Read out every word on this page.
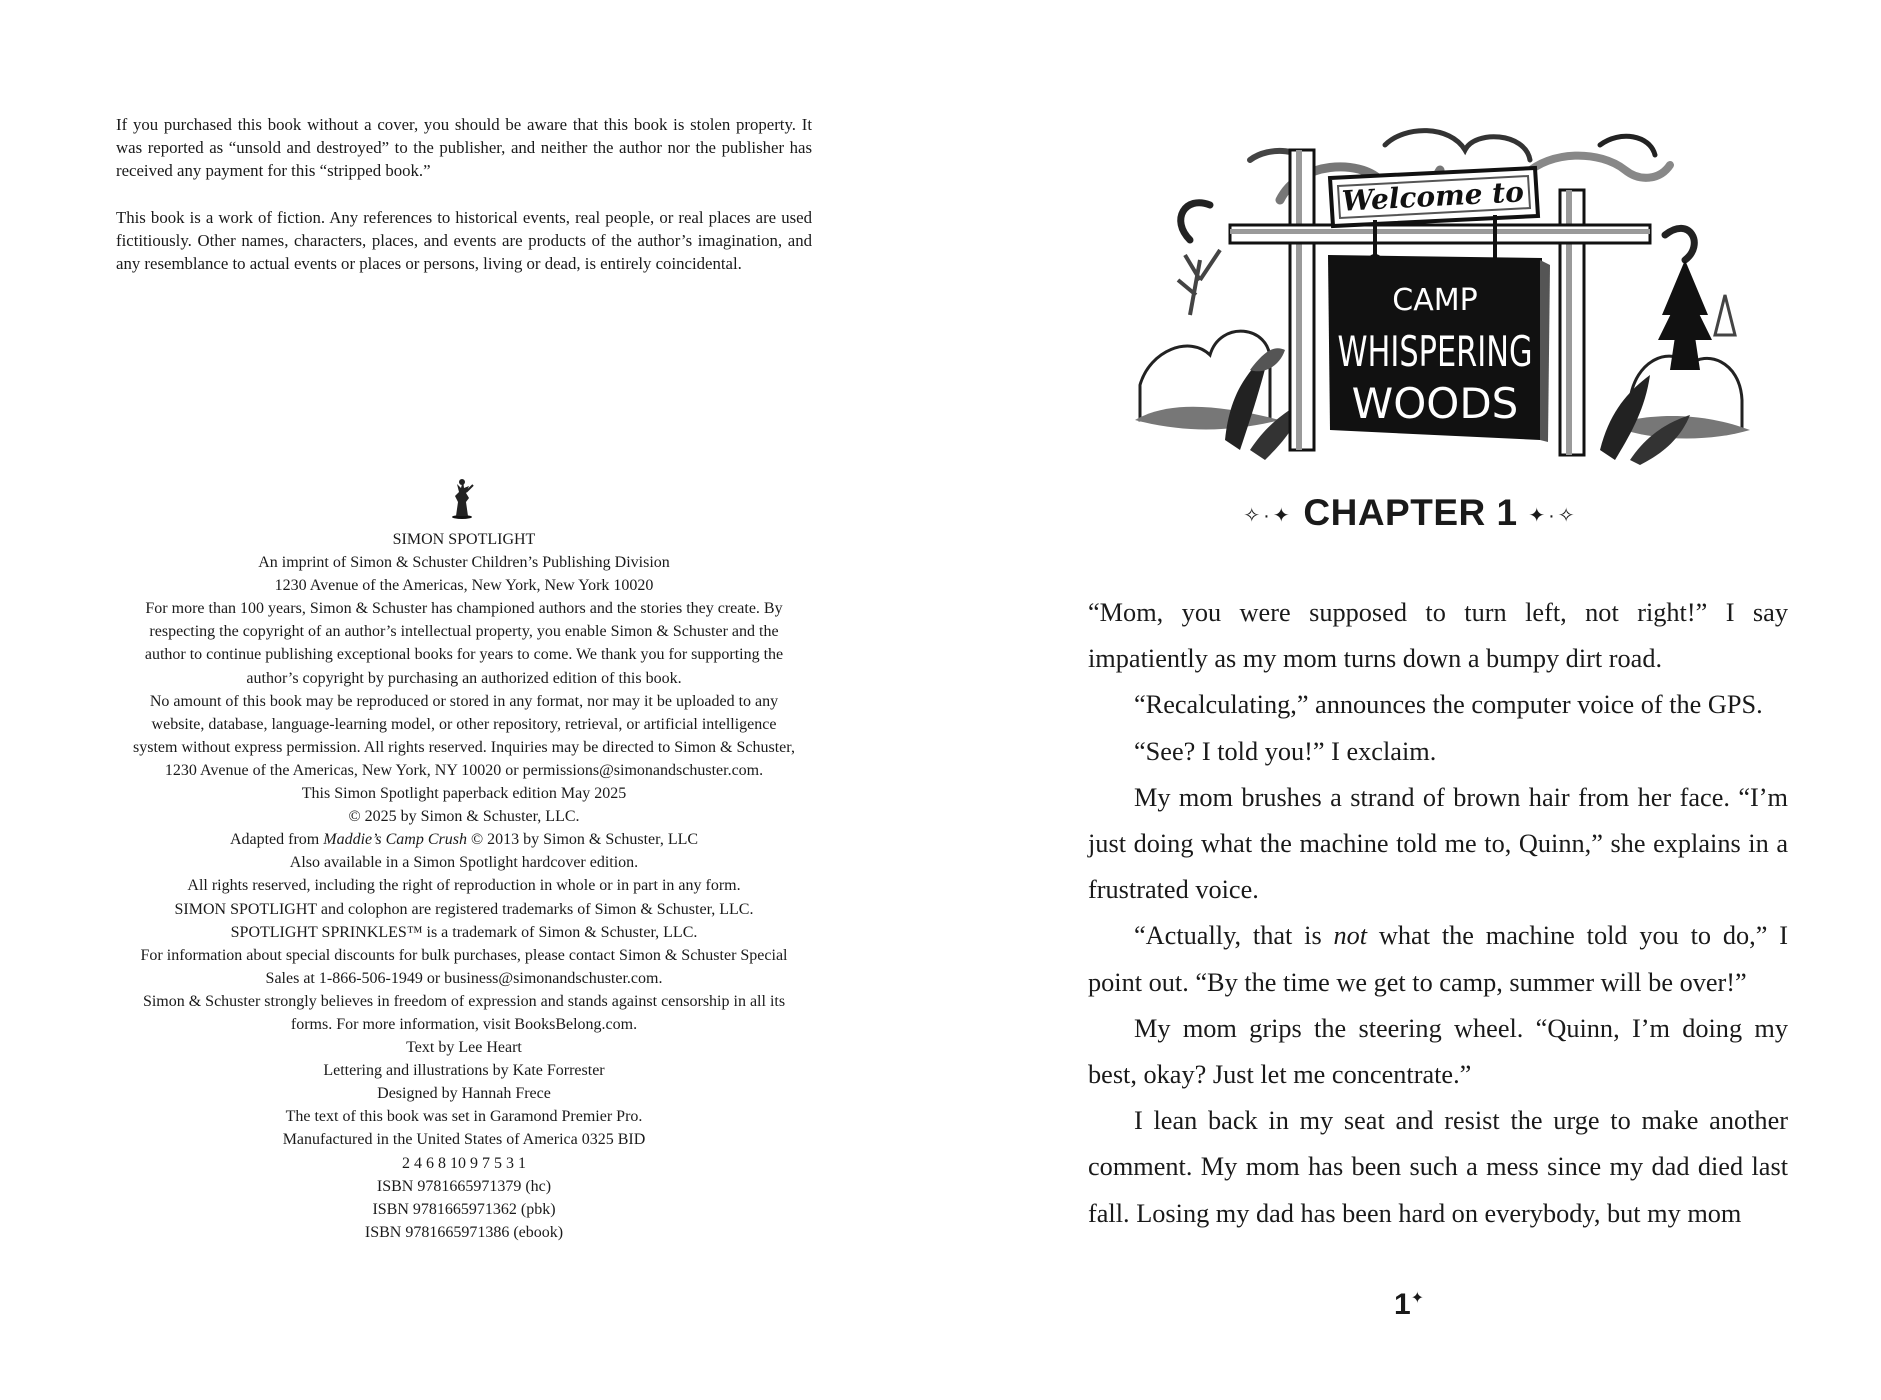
If you purchased this book without a cover, you should be aware that this book is stolen property. It was reported as “unsold and destroyed” to the publisher, and neither the author nor the publisher has received any payment for this “stripped book.”

This book is a work of fiction. Any references to historical events, real people, or real places are used fictitiously. Other names, characters, places, and events are products of the author’s imagination, and any resemblance to actual events or places or persons, living or dead, is entirely coincidental.

SIMON SPOTLIGHT
An imprint of Simon & Schuster Children’s Publishing Division
1230 Avenue of the Americas, New York, New York 10020
For more than 100 years, Simon & Schuster has championed authors and the stories they create. By
respecting the copyright of an author’s intellectual property, you enable Simon & Schuster and the
author to continue publishing exceptional books for years to come. We thank you for supporting the
author’s copyright by purchasing an authorized edition of this book.
No amount of this book may be reproduced or stored in any format, nor may it be uploaded to any
website, database, language-learning model, or other repository, retrieval, or artificial intelligence
system without express permission. All rights reserved. Inquiries may be directed to Simon & Schuster,
1230 Avenue of the Americas, New York, NY 10020 or permissions@simonandschuster.com.
This Simon Spotlight paperback edition May 2025
© 2025 by Simon & Schuster, LLC.
Adapted from Maddie’s Camp Crush © 2013 by Simon & Schuster, LLC
Also available in a Simon Spotlight hardcover edition.
All rights reserved, including the right of reproduction in whole or in part in any form.
SIMON SPOTLIGHT and colophon are registered trademarks of Simon & Schuster, LLC.
SPOTLIGHT SPRINKLES™ is a trademark of Simon & Schuster, LLC.
For information about special discounts for bulk purchases, please contact Simon & Schuster Special
Sales at 1-866-506-1949 or business@simonandschuster.com.
Simon & Schuster strongly believes in freedom of expression and stands against censorship in all its
forms. For more information, visit BooksBelong.com.
Text by Lee Heart
Lettering and illustrations by Kate Forrester
Designed by Hannah Frece
The text of this book was set in Garamond Premier Pro.
Manufactured in the United States of America 0325 BID
2 4 6 8 10 9 7 5 3 1
ISBN 9781665971379 (hc)
ISBN 9781665971362 (pbk)
ISBN 9781665971386 (ebook)
Welcome to
CAMP
WHISPERING
WOODS
✧·✦ CHAPTER 1 ✦·✧

“Mom, you were supposed to turn left, not right!” I say impatiently as my mom turns down a bumpy dirt road.

“Recalculating,” announces the computer voice of the GPS.

“See? I told you!” I exclaim.

My mom brushes a strand of brown hair from her face. “I’m just doing what the machine told me to, Quinn,” she explains in a frustrated voice.

“Actually, that is not what the machine told you to do,” I point out. “By the time we get to camp, summer will be over!”

My mom grips the steering wheel. “Quinn, I’m doing my best, okay? Just let me concentrate.”

I lean back in my seat and resist the urge to make another comment. My mom has been such a mess since my dad died last fall. Losing my dad has been hard on everybody, but my mom

1✦
